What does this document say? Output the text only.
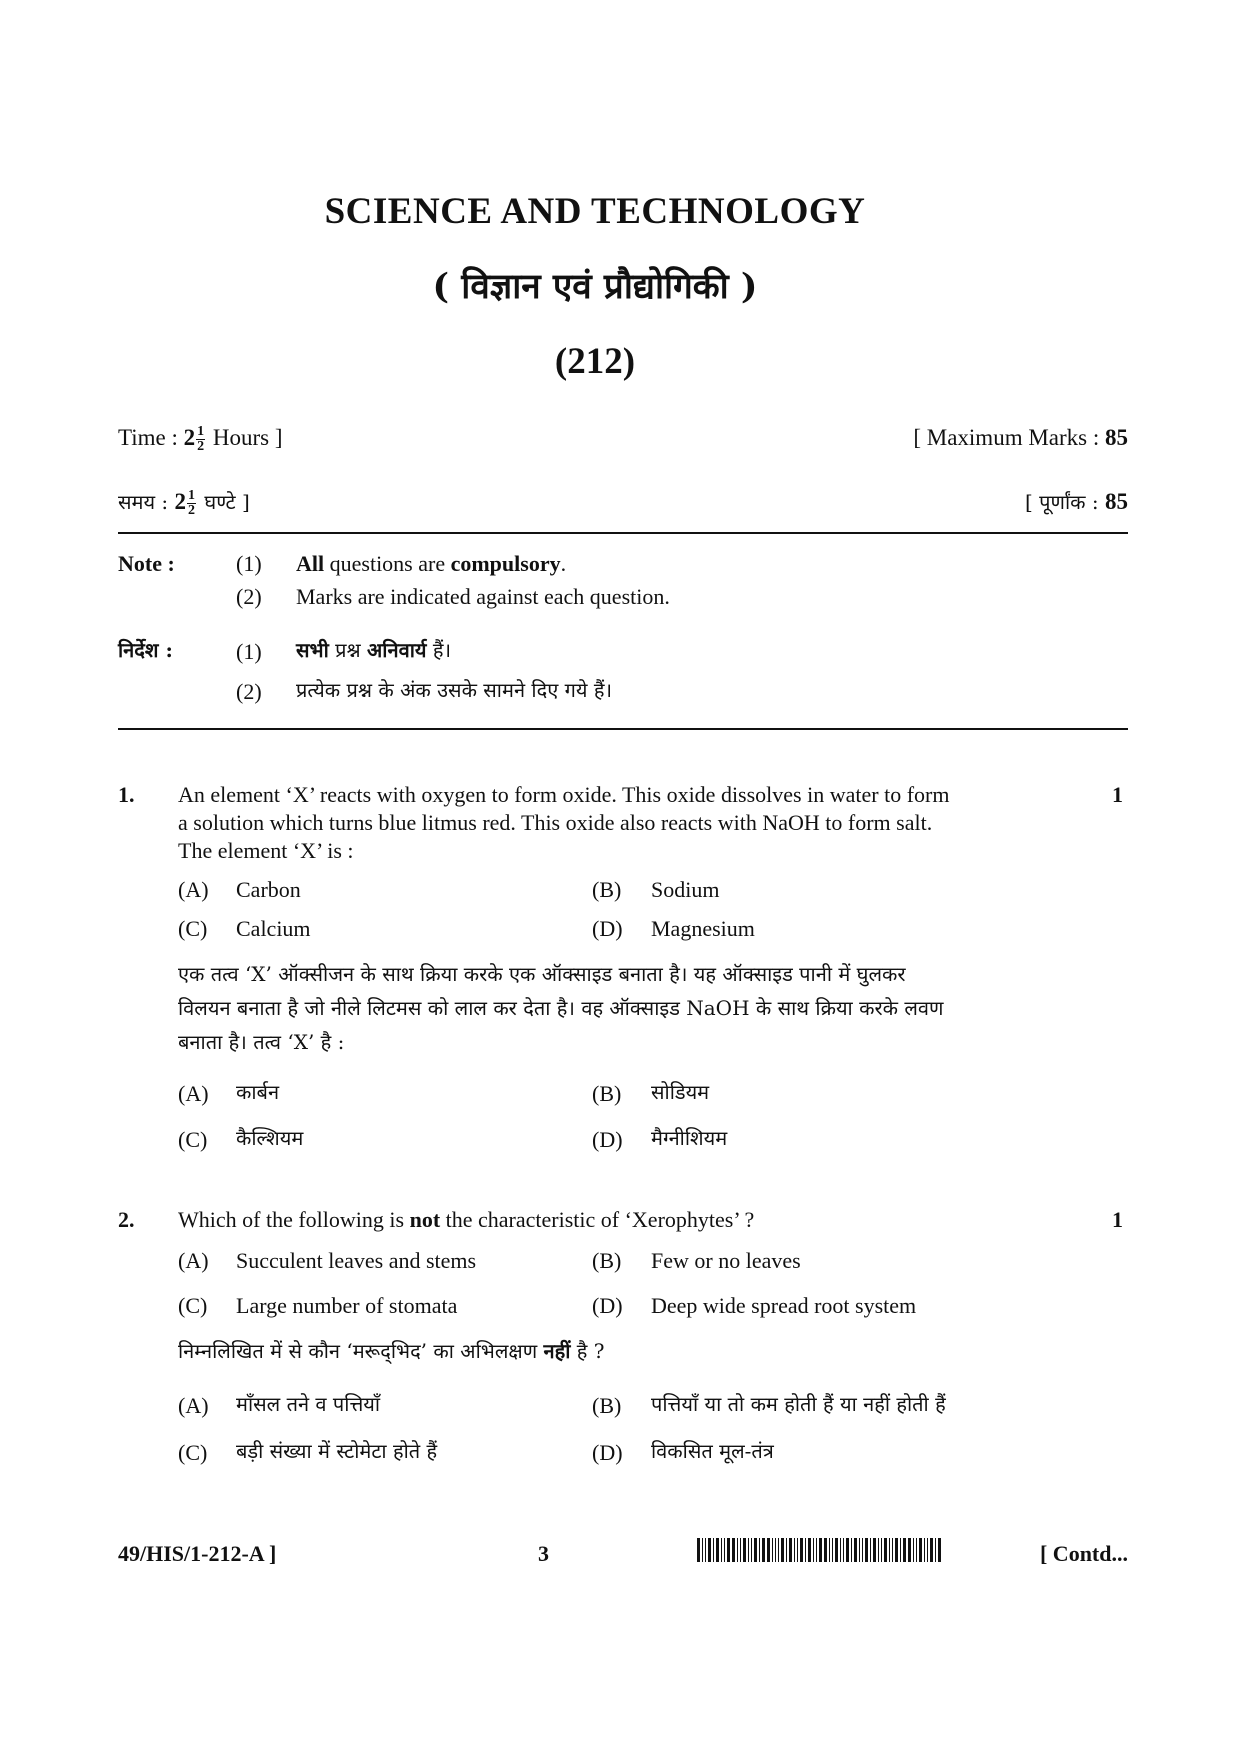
SCIENCE AND TECHNOLOGY
( विज्ञान एवं प्रौद्योगिकी )
(212)
Time : $2 \frac{1}{2}$ Hours ]	[ Maximum Marks : 85
समय : $2 \frac{1}{2}$ घण्टे ]	[ पूर्णांक : 85
Note :	(1) All questions are compulsory.
(2) Marks are indicated against each question.
निर्देश :	(1) सभी प्रश्न अनिवार्य हैं।
(2) प्रत्येक प्रश्न के अंक उसके सामने दिए गये हैं।
1.	1
An element ‘X’ reacts with oxygen to form oxide. This oxide dissolves in water to form
a solution which turns blue litmus red. This oxide also reacts with NaOH to form salt.
The element ‘X’ is :
(A) Carbon	(B) Sodium
(C) Calcium	(D) Magnesium
एक तत्व ‘X’ ऑक्सीजन के साथ क्रिया करके एक ऑक्साइड बनाता है। यह ऑक्साइड पानी में घुलकर
विलयन बनाता है जो नीले लिटमस को लाल कर देता है। वह ऑक्साइड NaOH के साथ क्रिया करके लवण
बनाता है। तत्व ‘X’ है :
(A) कार्बन	(B) सोडियम
(C) कैल्शियम	(D) मैग्नीशियम
2.	1
Which of the following is not the characteristic of ‘Xerophytes’ ?
(A) Succulent leaves and stems	(B) Few or no leaves
(C) Large number of stomata	(D) Deep wide spread root system
निम्नलिखित में से कौन ‘मरूद्‌भिद’ का अभिलक्षण नहीं है ?
(A) माँसल तने व पत्तियाँ	(B) पत्तियाँ या तो कम होती हैं या नहीं होती हैं
(C) बड़ी संख्या में स्टोमेटा होते हैं	(D) विकसित मूल-तंत्र
49/HIS/1-212-A ]	3	[ Contd...
